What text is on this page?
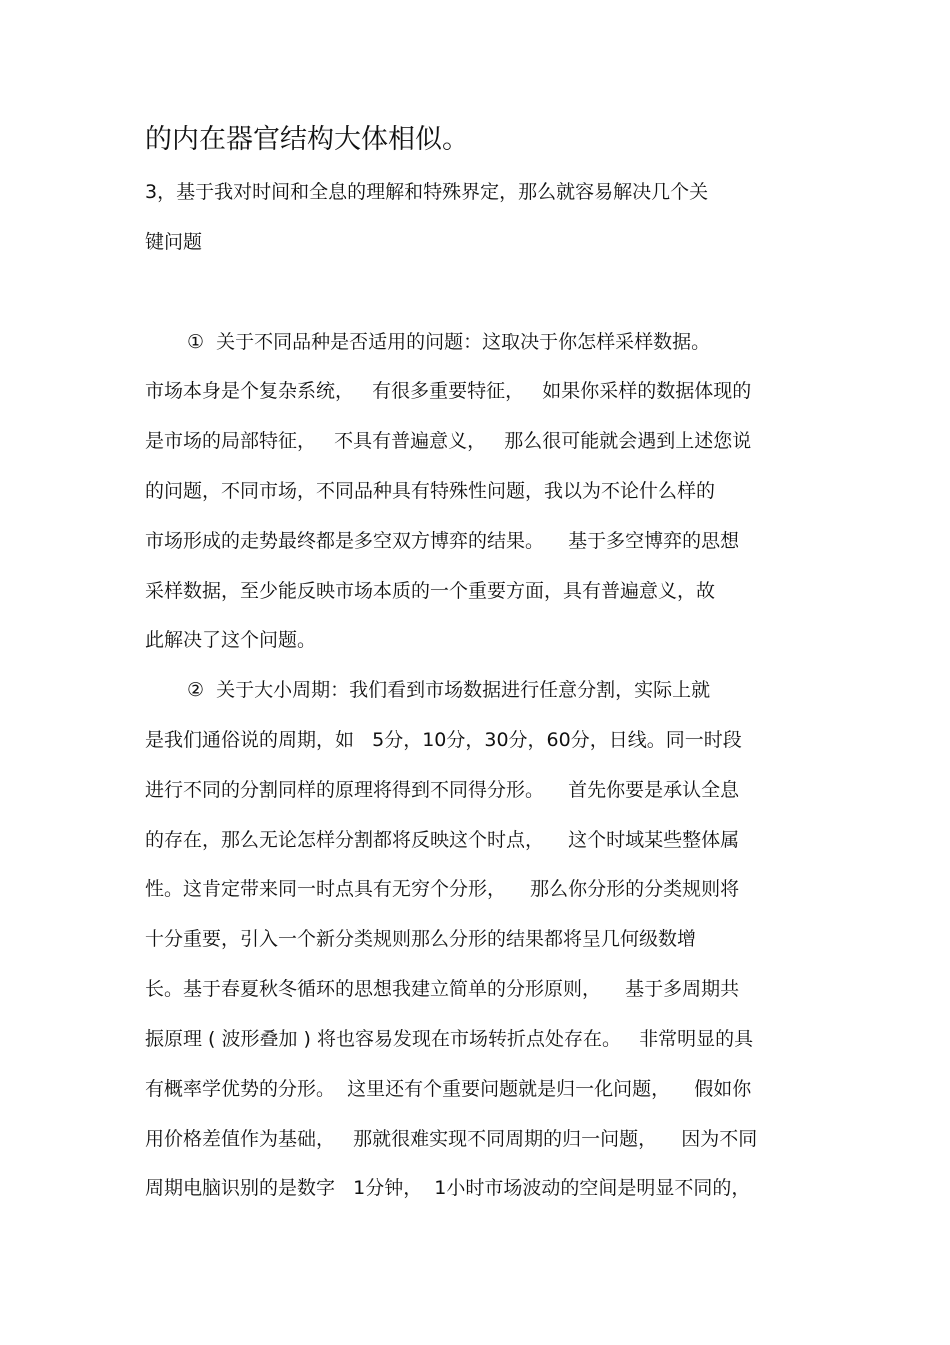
的内在器官结构大体相似。
3，基于我对时间和全息的理解和特殊界定，那么就容易解决几个关
键问题
①  关于不同品种是否适用的问题：这取决于你怎样采样数据。
市场本身是个复杂系统，   有很多重要特征，   如果你采样的数据体现的
是市场的局部特征，   不具有普遍意义，   那么很可能就会遇到上述您说
的问题，不同市场，不同品种具有特殊性问题，我以为不论什么样的
市场形成的走势最终都是多空双方博弈的结果。    基于多空博弈的思想
采样数据，至少能反映市场本质的一个重要方面，具有普遍意义，故
此解决了这个问题。
②  关于大小周期：我们看到市场数据进行任意分割，实际上就
是我们通俗说的周期，如   5分，10分，30分，60分，日线。同一时段
进行不同的分割同样的原理将得到不同得分形。    首先你要是承认全息
的存在，那么无论怎样分割都将反映这个时点，    这个时域某些整体属
性。这肯定带来同一时点具有无穷个分形，    那么你分形的分类规则将
十分重要，引入一个新分类规则那么分形的结果都将呈几何级数增
长。基于春夏秋冬循环的思想我建立简单的分形原则，    基于多周期共
振原理 ( 波形叠加 ) 将也容易发现在市场转折点处存在。   非常明显的具
有概率学优势的分形。  这里还有个重要问题就是归一化问题，    假如你
用价格差值作为基础，   那就很难实现不同周期的归一问题，    因为不同
周期电脑识别的是数字   1分钟，  1小时市场波动的空间是明显不同的，
